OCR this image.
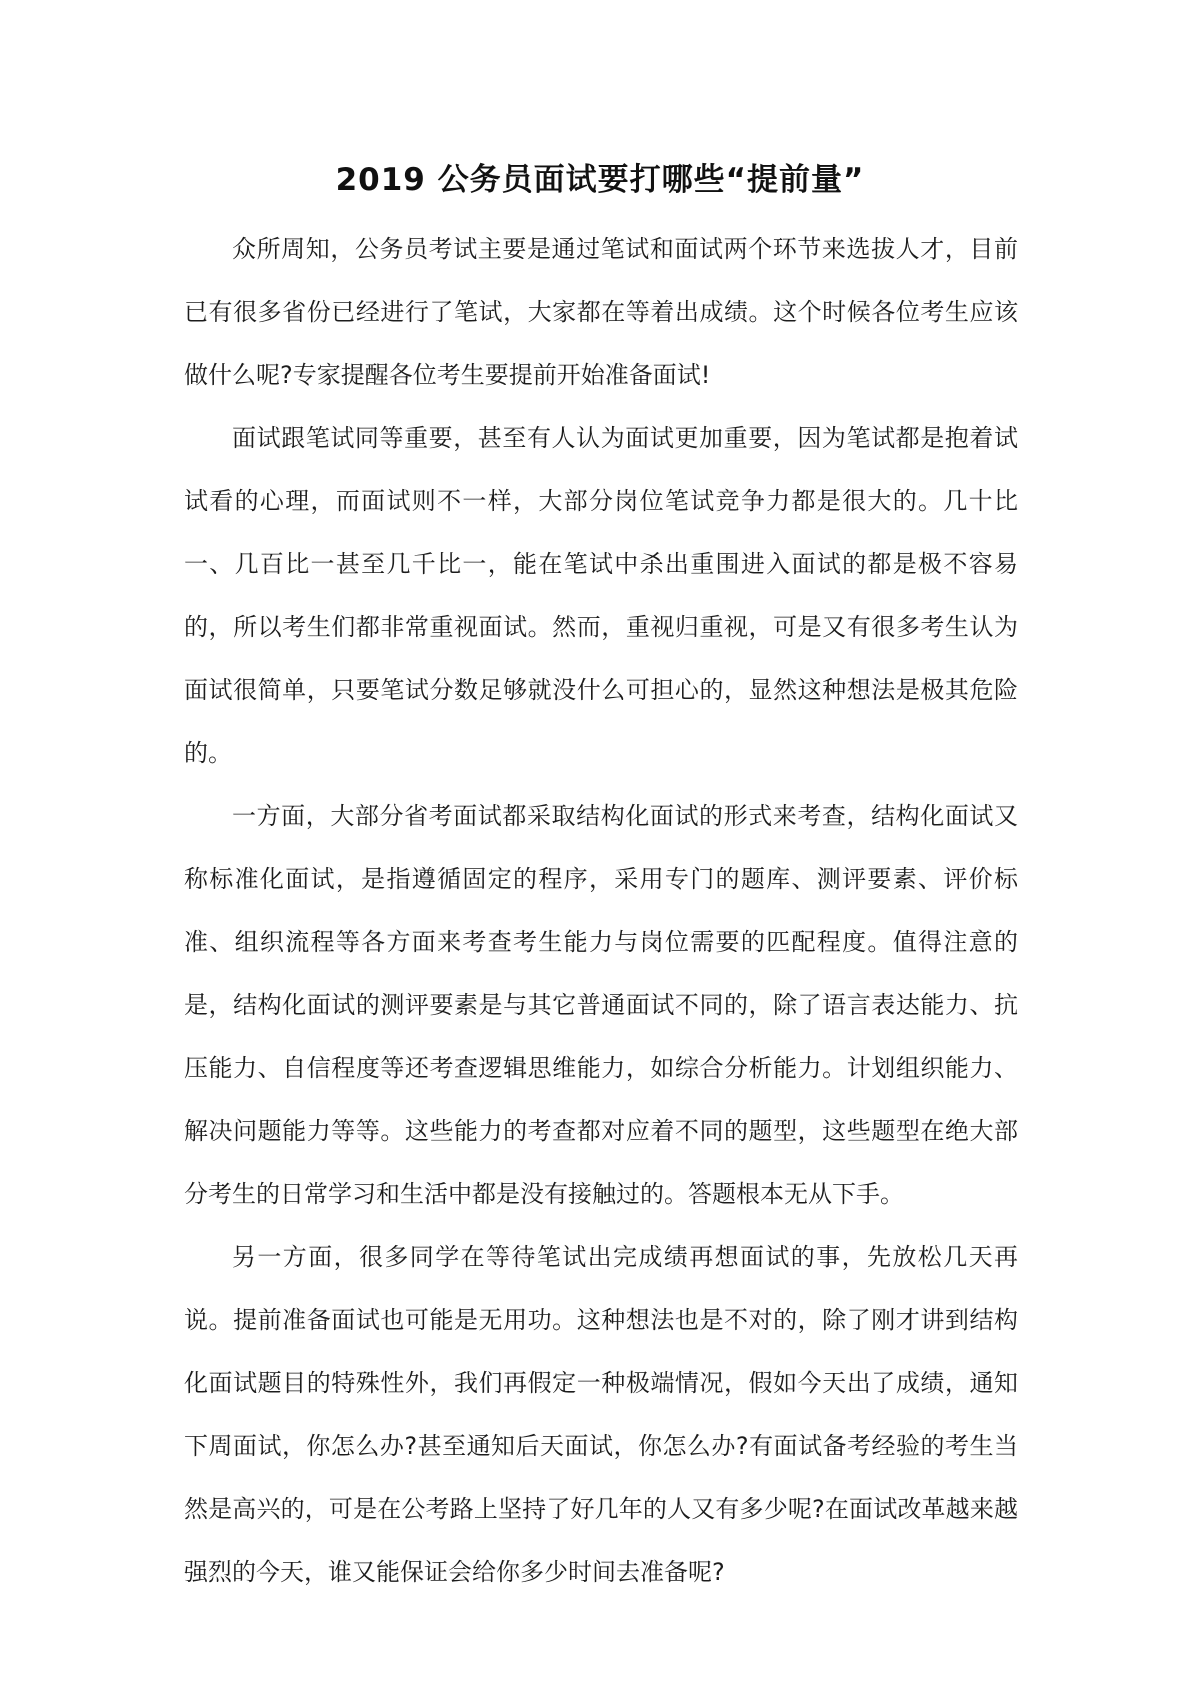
2019 公务员面试要打哪些“提前量”

众所周知，公务员考试主要是通过笔试和面试两个环节来选拔人才，目前已有很多省份已经进行了笔试，大家都在等着出成绩。这个时候各位考生应该做什么呢?专家提醒各位考生要提前开始准备面试!

面试跟笔试同等重要，甚至有人认为面试更加重要，因为笔试都是抱着试试看的心理，而面试则不一样，大部分岗位笔试竞争力都是很大的。几十比一、几百比一甚至几千比一，能在笔试中杀出重围进入面试的都是极不容易的，所以考生们都非常重视面试。然而，重视归重视，可是又有很多考生认为面试很简单，只要笔试分数足够就没什么可担心的，显然这种想法是极其危险的。

一方面，大部分省考面试都采取结构化面试的形式来考查，结构化面试又称标准化面试，是指遵循固定的程序，采用专门的题库、测评要素、评价标准、组织流程等各方面来考查考生能力与岗位需要的匹配程度。值得注意的是，结构化面试的测评要素是与其它普通面试不同的，除了语言表达能力、抗压能力、自信程度等还考查逻辑思维能力，如综合分析能力。计划组织能力、解决问题能力等等。这些能力的考查都对应着不同的题型，这些题型在绝大部分考生的日常学习和生活中都是没有接触过的。答题根本无从下手。

另一方面，很多同学在等待笔试出完成绩再想面试的事，先放松几天再说。提前准备面试也可能是无用功。这种想法也是不对的，除了刚才讲到结构化面试题目的特殊性外，我们再假定一种极端情况，假如今天出了成绩，通知下周面试，你怎么办?甚至通知后天面试，你怎么办?有面试备考经验的考生当然是高兴的，可是在公考路上坚持了好几年的人又有多少呢?在面试改革越来越强烈的今天，谁又能保证会给你多少时间去准备呢?
